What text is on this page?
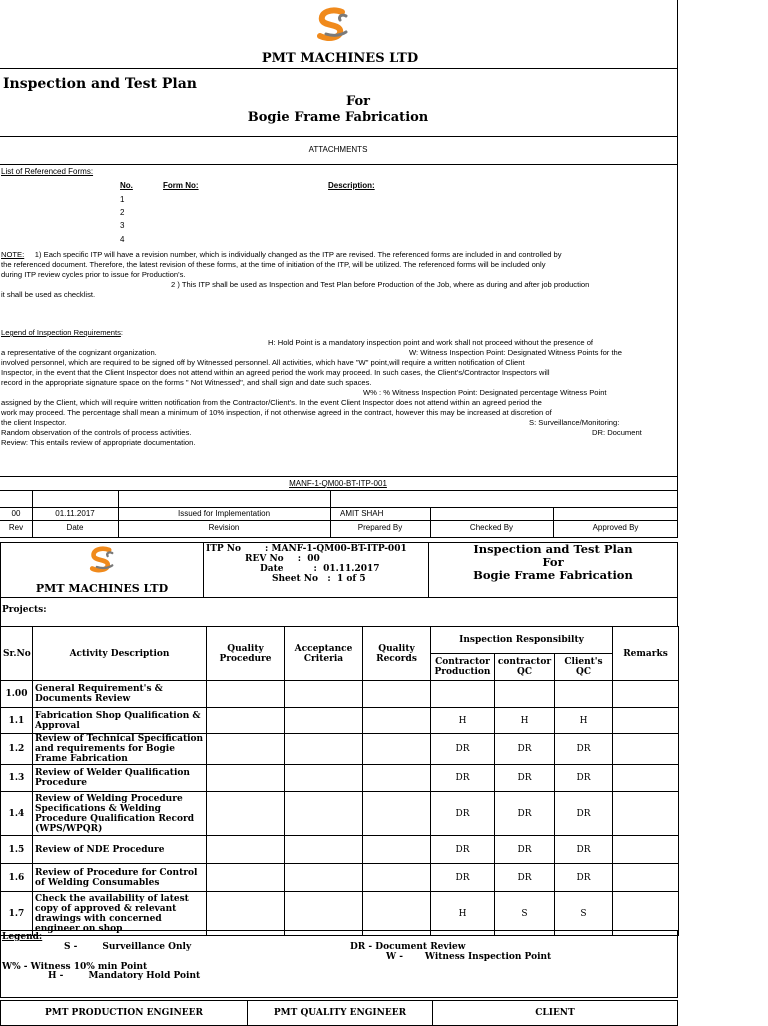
PMT MACHINES LTD
Inspection and Test Plan
For
Bogie Frame Fabrication
ATTACHMENTS
List of Referenced Forms:
No.	Form No:	Description:
1
2
3
4
NOTE: 1) Each specific ITP will have a revision number, which is individually changed as the ITP are revised. The referenced forms are included in and controlled by
the referenced document. Therefore, the latest revision of these forms, at the time of initiation of the ITP, will be utilized. The referenced forms will be included only
during ITP review cycles prior to issue for Production's.
2 ) This ITP shall be used as Inspection and Test Plan before Production of the Job, where as during and after job production
it shall be used as checklist.
Legend of Inspection Requirements:
H: Hold Point is a mandatory inspection point and work shall not proceed without the presence of
a representative of the cognizant organization.	W: Witness Inspection Point: Designated Witness Points for the
involved personnel, which are required to be signed off by Witnessed personnel. All activities, which have "W" point,will require a written notification of Client
Inspector, in the event that the Client Inspector does not attend within an agreed period the work may proceed. In such cases, the Client's/Contractor Inspectors will
record in the appropriate signature space on the forms " Not Witnessed", and shall sign and date such spaces.
W% : % Witness Inspection Point: Designated percentage Witness Point
assigned by the Client, which will require written notification from the Contractor/Client's. In the event Client Inspector does not attend within an agreed period the
work may proceed. The percentage shall mean a minimum of 10% inspection, if not otherwise agreed in the contract, however this may be increased at discretion of
the client Inspector.	S: Surveillance/Monitoring:
Random observation of the controls of process activities.	DR: Document
Review: This entails review of appropriate documentation.
MANF-1-QM00-BT-ITP-001
00	01.11.2017	Issued for Implementation	AMIT SHAH
Rev	Date	Revision	Prepared By	Checked By	Approved By
PMT MACHINES LTD
ITP No	: MANF-1-QM00-BT-ITP-001
REV No :  00
Date	:  01.11.2017
Sheet No   :  1 of 5
Inspection and Test Plan
For
Bogie Frame Fabrication
Projects:
Sr.No	Activity Description	Quality Procedure	Acceptance Criteria	Quality Records	Inspection Responsibilty			Remarks
					Contractor Production	contractor QC	Client's QC	
1.00	General Requirement's & Documents Review							
1.1	Fabrication Shop Qualification & Approval				H	H	H	
1.2	Review of Technical Specification and requirements for Bogie Frame Fabrication				DR	DR	DR	
1.3	Review of Welder Qualification Procedure				DR	DR	DR	
1.4	Review of Welding Procedure Specifications & Welding Procedure Qualification Record (WPS/WPQR)				DR	DR	DR	
1.5	Review of NDE Procedure				DR	DR	DR	
1.6	Review of Procedure for Control of Welding Consumables				DR	DR	DR	
1.7	Check the availability of latest copy of approved & relevant drawings with concerned engineer on shop				H	S	S	
Legend:
S -        Surveillance Only	DR - Document Review
W -       Witness Inspection Point
W% - Witness 10% min Point
H -        Mandatory Hold Point
PMT PRODUCTION ENGINEER	PMT QUALITY ENGINEER	CLIENT
